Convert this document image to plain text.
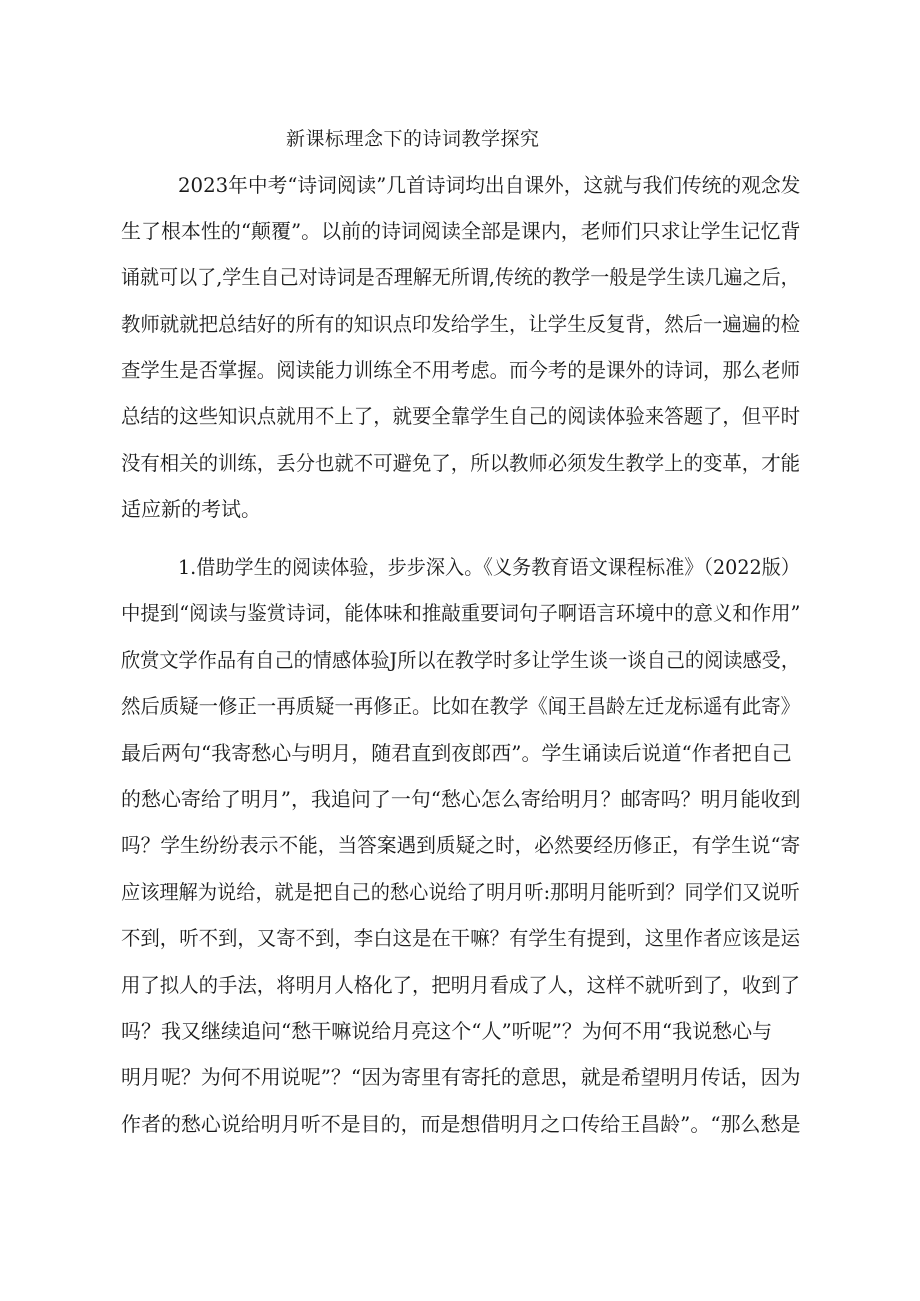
新课标理念下的诗词教学探究
2023年中考“诗词阅读”几首诗词均出自课外，这就与我们传统的观念发
生了根本性的“颠覆”。以前的诗词阅读全部是课内，老师们只求让学生记忆背
诵就可以了,学生自己对诗词是否理解无所谓,传统的教学一般是学生读几遍之后，
教师就就把总结好的所有的知识点印发给学生，让学生反复背，然后一遍遍的检
查学生是否掌握。阅读能力训练全不用考虑。而今考的是课外的诗词，那么老师
总结的这些知识点就用不上了，就要全靠学生自己的阅读体验来答题了，但平时
没有相关的训练，丢分也就不可避免了，所以教师必须发生教学上的变革，才能
适应新的考试。
1.借助学生的阅读体验，步步深入。《义务教育语文课程标准》（2022版）
中提到“阅读与鉴赏诗词，能体味和推敲重要词句子啊语言环境中的意义和作用”
欣赏文学作品有自己的情感体验J所以在教学时多让学生谈一谈自己的阅读感受，
然后质疑一修正一再质疑一再修正。比如在教学《闻王昌龄左迁龙标遥有此寄》
最后两句“我寄愁心与明月，随君直到夜郎西”。学生诵读后说道“作者把自己
的愁心寄给了明月”，我追问了一句“愁心怎么寄给明月？邮寄吗？明月能收到
吗？学生纷纷表示不能，当答案遇到质疑之时，必然要经历修正，有学生说“寄
应该理解为说给，就是把自己的愁心说给了明月听:那明月能听到？同学们又说听
不到，听不到，又寄不到，李白这是在干嘛？有学生有提到，这里作者应该是运
用了拟人的手法，将明月人格化了，把明月看成了人，这样不就听到了，收到了
吗？我又继续追问“愁干嘛说给月亮这个“人”听呢”？为何不用“我说愁心与
明月呢？为何不用说呢”？“因为寄里有寄托的意思，就是希望明月传话，因为
作者的愁心说给明月听不是目的，而是想借明月之口传给王昌龄”。“那么愁是
